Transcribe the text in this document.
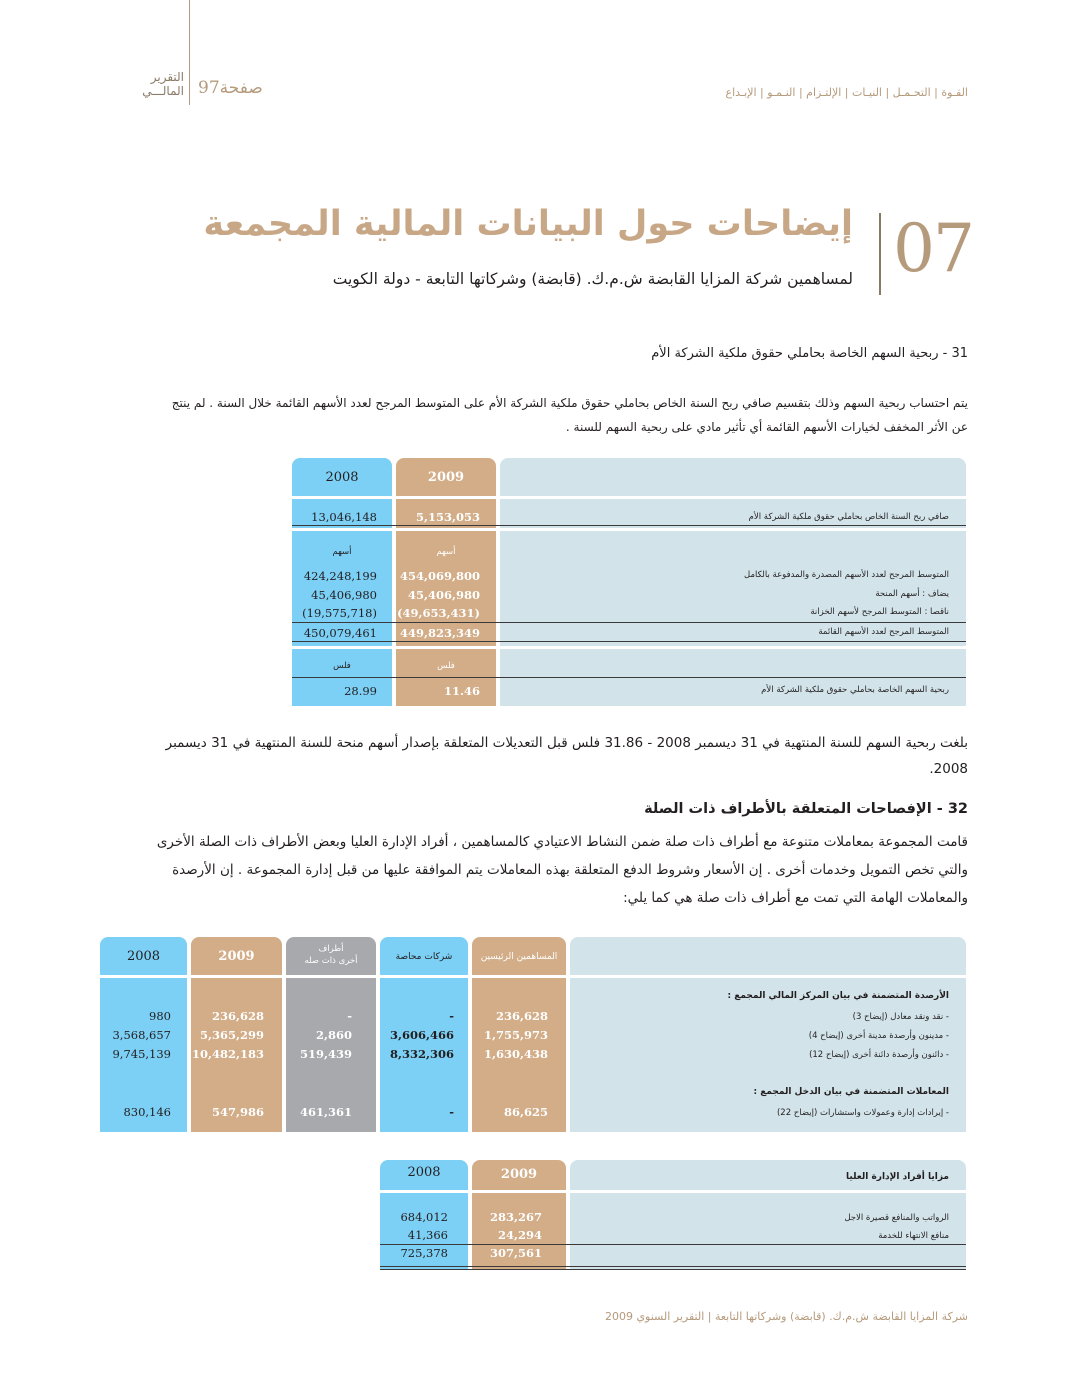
التقرير
المالـــي 97صفحة	القـوة | التحـمـل | النيـات | الإلتـزام | النـمـو | الإبـداع
07
إيضاحات حول البيانات المالية المجمعة
لمساهمين شركة المزايا القابضة ش.م.ك. (قابضة) وشركاتها التابعة - دولة الكويت
31 - ربحية السهم الخاصة بحاملي حقوق ملكية الشركة الأم
يتم احتساب ربحية السهم وذلك بتقسيم صافي ربح السنة الخاص بحاملي حقوق ملكية الشركة الأم على المتوسط المرجح لعدد الأسهم القائمة خلال السنة . لم ينتج
عن الأثر المخفف لخيارات الأسهم القائمة أي تأثير مادي على ربحية السهم للسنة .
2009
2008
صافي ربح السنة الخاص بحاملي حقوق ملكية الشركة الأم
5,153,053
13,046,148
أسهم
أسهم
المتوسط المرجح لعدد الأسهم المصدرة والمدفوعة بالكامل
454,069,800
424,248,199
يضاف : أسهم المنحة
45,406,980
45,406,980
ناقصا : المتوسط المرجح لأسهم الخزانة
(49,653,431)
(19,575,718)
المتوسط المرجح لعدد الأسهم القائمة
449,823,349
450,079,461
فلس
فلس
ربحية السهم الخاصة بحاملي حقوق ملكية الشركة الأم
11.46
28.99
بلغت ربحية السهم للسنة المنتهية في 31 ديسمبر 2008 - 31.86 فلس قبل التعديلات المتعلقة بإصدار أسهم منحة للسنة المنتهية في 31 ديسمبر
2008.
32 - الإفصاحات المتعلقة بالأطراف ذات الصلة
قامت المجموعة بمعاملات متنوعة مع أطراف ذات صلة ضمن النشاط الاعتيادي كالمساهمين ، أفراد الإدارة العليا وبعض الأطراف ذات الصلة الأخرى
والتي تخص التمويل وخدمات أخرى . إن الأسعار وشروط الدفع المتعلقة بهذه المعاملات يتم الموافقة عليها من قبل إدارة المجموعة . إن الأرصدة
والمعاملات الهامة التي تمت مع أطراف ذات صلة هي كما يلي:
المساهمين الرئيسين
شركات محاصة
أطراف
أخرى ذات صله
2009
2008
الأرصدة المتضمنة في بيان المركز المالي المجمع :
- نقد ونقد معادل (إيضاح 3)
236,628
-
-
236,628
980
- مدينون وأرصدة مدينة أخرى (إيضاح 4)
1,755,973
3,606,466
2,860
5,365,299
3,568,657
- دائنون وأرصدة دائنة أخرى (إيضاح 12)
1,630,438
8,332,306
519,439
10,482,183
9,745,139
المعاملات المتضمنة في بيان الدخل المجمع :
- إيرادات إدارة وعمولات واستشارات (إيضاح 22)
86,625
-
461,361
547,986
830,146
2009
2008	مزايا أفراد الإدارة العليا
الرواتب والمنافع قصيرة الاجل
283,267
684,012
منافع الانتهاء للخدمة
24,294
41,366
307,561
725,378
شركة المزايا القابضة ش.م.ك. (قابضة) وشركاتها التابعة | التقرير السنوي 2009
